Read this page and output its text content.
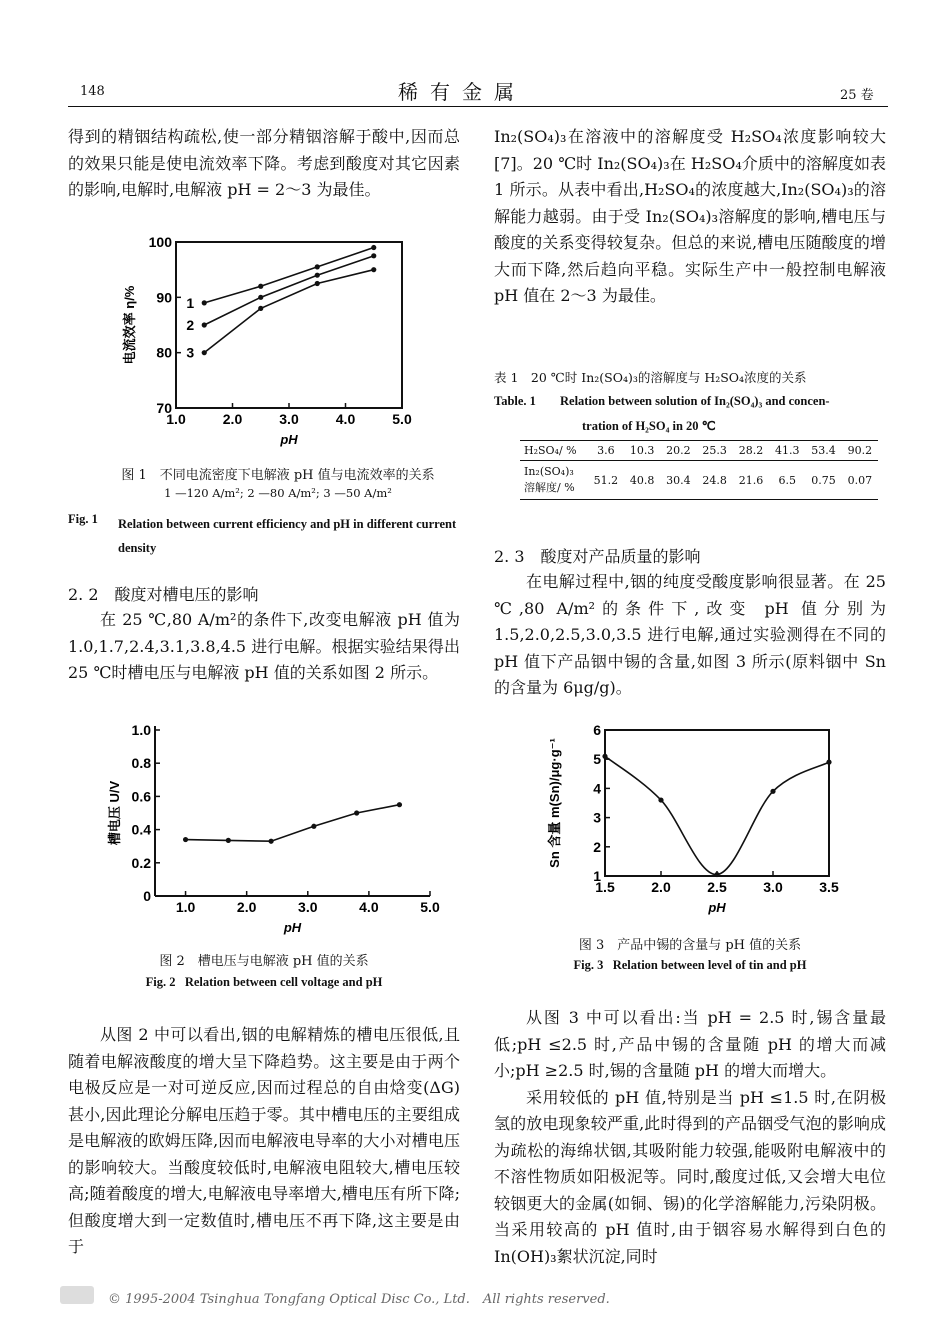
148	稀有金属	25 卷

得到的精铟结构疏松,使一部分精铟溶解于酸中,因而总的效果只能是使电流效率下降。考虑到酸度对其它因素的影响,电解时,电解液 pH = 2～3 为最佳。

1.0	2.0	3.0	4.0	5.0
70
80
90
100
pH
电流效率 η/%	1
2
3
图 1　不同电流密度下电解液 pH 值与电流效率的关系
1 —120 A/m²; 2 —80 A/m²; 3 —50 A/m²
Fig. 1 Relation between current efficiency and pH in different current density
2. 2　酸度对槽电压的影响
在 25 ℃,80 A/m²的条件下,改变电解液 pH 值为 1.0,1.7,2.4,3.1,3.8,4.5 进行电解。根据实验结果得出 25 ℃时槽电压与电解液 pH 值的关系如图 2 所示。
1.0	2.0	3.0	4.0	5.0
0
0.2
0.4
0.6
0.8
1.0
pH
槽电压 U/V
图 2　槽电压与电解液 pH 值的关系
Fig. 2 Relation between cell voltage and pH
从图 2 中可以看出,铟的电解精炼的槽电压很低,且随着电解液酸度的增大呈下降趋势。这主要是由于两个电极反应是一对可逆反应,因而过程总的自由焓变(ΔG) 甚小,因此理论分解电压趋于零。其中槽电压的主要组成是电解液的欧姆压降,因而电解液电导率的大小对槽电压的影响较大。当酸度较低时,电解液电阻较大,槽电压较高;随着酸度的增大,电解液电导率增大,槽电压有所下降;但酸度增大到一定数值时,槽电压不再下降,这主要是由于
In₂(SO₄)₃在溶液中的溶解度受 H₂SO₄浓度影响较大[7]。20 ℃时 In₂(SO₄)₃在 H₂SO₄介质中的溶解度如表 1 所示。从表中看出,H₂SO₄的浓度越大,In₂(SO₄)₃的溶解能力越弱。由于受 In₂(SO₄)₃溶解度的影响,槽电压与酸度的关系变得较复杂。但总的来说,槽电压随酸度的增大而下降,然后趋向平稳。实际生产中一般控制电解液 pH 值在 2～3 为最佳。
表 1　20 ℃时 In₂(SO₄)₃的溶解度与 H₂SO₄浓度的关系
Table. 1 Relation between solution of In₂(SO₄)₃ and concen-
tration of H₂SO₄ in 20 ℃
H₂SO₄/ %	3.6	10.3	20.2	25.3	28.2	41.3	53.4	90.2
In₂(SO₄)₃
溶解度/ %	51.2	40.8	30.4	24.8	21.6	6.5	0.75	0.07
2. 3　酸度对产品质量的影响
在电解过程中,铟的纯度受酸度影响很显著。在 25 ℃,80 A/m²的条件下,改变 pH 值分别为 1.5,2.0,2.5,3.0,3.5 进行电解,通过实验测得在不同的 pH 值下产品铟中锡的含量,如图 3 所示(原料铟中 Sn 的含量为 6μg/g)。
1.5	2.0	2.5	3.0	3.5
1
2
3
4
5
6
pH
Sn 含量 m(Sn)/μg·g⁻¹
图 3　产品中锡的含量与 pH 值的关系
Fig. 3 Relation between level of tin and pH

从图 3 中可以看出:当 pH = 2.5 时,锡含量最低;pH ≤2.5 时,产品中锡的含量随 pH 的增大而减小;pH ≥2.5 时,锡的含量随 pH 的增大而增大。

采用较低的 pH 值,特别是当 pH ≤1.5 时,在阴极氢的放电现象较严重,此时得到的产品铟受气泡的影响成为疏松的海绵状铟,其吸附能力较强,能吸附电解液中的不溶性物质如阳极泥等。同时,酸度过低,又会增大电位较铟更大的金属(如铜、锡)的化学溶解能力,污染阴极。当采用较高的 pH 值时,由于铟容易水解得到白色的 In(OH)₃絮状沉淀,同时

© 1995-2004 Tsinghua Tongfang Optical Disc Co., Ltd.　All rights reserved.
